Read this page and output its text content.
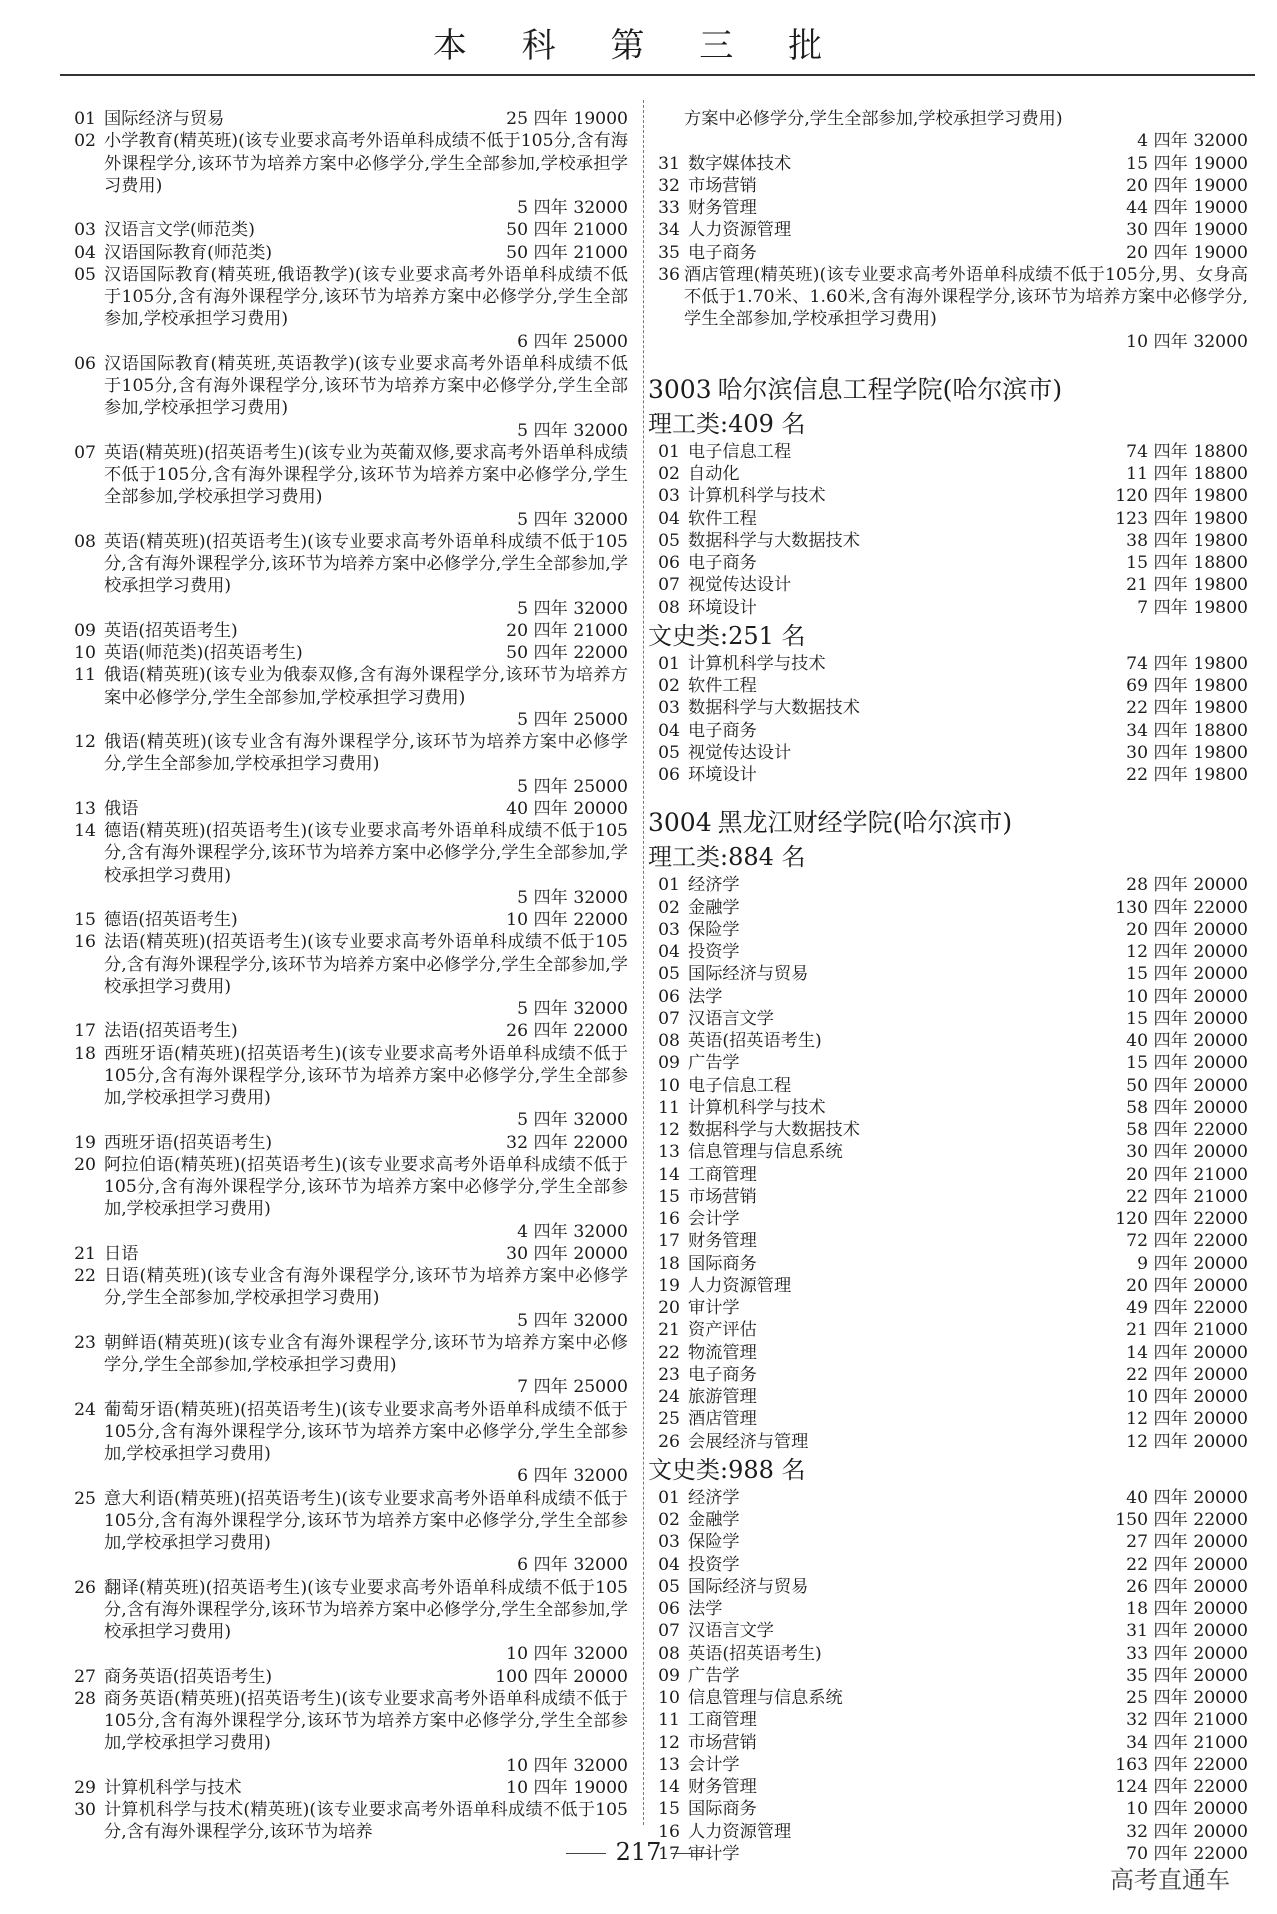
本 科 第 三 批
01 国际经济与贸易	25 四年 19000
02 小学教育(精英班)(该专业要求高考外语单科成绩不低于105分,含有海外课程学分,该环节为培养方案中必修学分,学生全部参加,学校承担学习费用)
5 四年 32000
03 汉语言文学(师范类)	50 四年 21000
04 汉语国际教育(师范类)	50 四年 21000
05 汉语国际教育(精英班,俄语教学)(该专业要求高考外语单科成绩不低于105分,含有海外课程学分,该环节为培养方案中必修学分,学生全部参加,学校承担学习费用)
6 四年 25000
06 汉语国际教育(精英班,英语教学)(该专业要求高考外语单科成绩不低于105分,含有海外课程学分,该环节为培养方案中必修学分,学生全部参加,学校承担学习费用)
5 四年 32000
07 英语(精英班)(招英语考生)(该专业为英葡双修,要求高考外语单科成绩不低于105分,含有海外课程学分,该环节为培养方案中必修学分,学生全部参加,学校承担学习费用)
5 四年 32000
08 英语(精英班)(招英语考生)(该专业要求高考外语单科成绩不低于105分,含有海外课程学分,该环节为培养方案中必修学分,学生全部参加,学校承担学习费用)
5 四年 32000
09 英语(招英语考生)	20 四年 21000
10 英语(师范类)(招英语考生)	50 四年 22000
11 俄语(精英班)(该专业为俄泰双修,含有海外课程学分,该环节为培养方案中必修学分,学生全部参加,学校承担学习费用)
5 四年 25000
12 俄语(精英班)(该专业含有海外课程学分,该环节为培养方案中必修学分,学生全部参加,学校承担学习费用)
5 四年 25000
13 俄语	40 四年 20000
14 德语(精英班)(招英语考生)(该专业要求高考外语单科成绩不低于105分,含有海外课程学分,该环节为培养方案中必修学分,学生全部参加,学校承担学习费用)
5 四年 32000
15 德语(招英语考生)	10 四年 22000
16 法语(精英班)(招英语考生)(该专业要求高考外语单科成绩不低于105分,含有海外课程学分,该环节为培养方案中必修学分,学生全部参加,学校承担学习费用)
5 四年 32000
17 法语(招英语考生)	26 四年 22000
18 西班牙语(精英班)(招英语考生)(该专业要求高考外语单科成绩不低于105分,含有海外课程学分,该环节为培养方案中必修学分,学生全部参加,学校承担学习费用)
5 四年 32000
19 西班牙语(招英语考生)	32 四年 22000
20 阿拉伯语(精英班)(招英语考生)(该专业要求高考外语单科成绩不低于105分,含有海外课程学分,该环节为培养方案中必修学分,学生全部参加,学校承担学习费用)
4 四年 32000
21 日语	30 四年 20000
22 日语(精英班)(该专业含有海外课程学分,该环节为培养方案中必修学分,学生全部参加,学校承担学习费用)
5 四年 32000
23 朝鲜语(精英班)(该专业含有海外课程学分,该环节为培养方案中必修学分,学生全部参加,学校承担学习费用)
7 四年 25000
24 葡萄牙语(精英班)(招英语考生)(该专业要求高考外语单科成绩不低于105分,含有海外课程学分,该环节为培养方案中必修学分,学生全部参加,学校承担学习费用)
6 四年 32000
25 意大利语(精英班)(招英语考生)(该专业要求高考外语单科成绩不低于105分,含有海外课程学分,该环节为培养方案中必修学分,学生全部参加,学校承担学习费用)
6 四年 32000
26 翻译(精英班)(招英语考生)(该专业要求高考外语单科成绩不低于105分,含有海外课程学分,该环节为培养方案中必修学分,学生全部参加,学校承担学习费用)
10 四年 32000
27 商务英语(招英语考生)	100 四年 20000
28 商务英语(精英班)(招英语考生)(该专业要求高考外语单科成绩不低于105分,含有海外课程学分,该环节为培养方案中必修学分,学生全部参加,学校承担学习费用)
10 四年 32000
29 计算机科学与技术	10 四年 19000
30 计算机科学与技术(精英班)(该专业要求高考外语单科成绩不低于105分,含有海外课程学分,该环节为培养
方案中必修学分,学生全部参加,学校承担学习费用)
4 四年 32000
31 数字媒体技术	15 四年 19000
32 市场营销	20 四年 19000
33 财务管理	44 四年 19000
34 人力资源管理	30 四年 19000
35 电子商务	20 四年 19000
36 酒店管理(精英班)(该专业要求高考外语单科成绩不低于105分,男、女身高不低于1.70米、1.60米,含有海外课程学分,该环节为培养方案中必修学分,学生全部参加,学校承担学习费用)
10 四年 32000
3003 哈尔滨信息工程学院(哈尔滨市)
理工类:409 名
01 电子信息工程	74 四年 18800
02 自动化	11 四年 18800
03 计算机科学与技术	120 四年 19800
04 软件工程	123 四年 19800
05 数据科学与大数据技术	38 四年 19800
06 电子商务	15 四年 18800
07 视觉传达设计	21 四年 19800
08 环境设计	7 四年 19800
文史类:251 名
01 计算机科学与技术	74 四年 19800
02 软件工程	69 四年 19800
03 数据科学与大数据技术	22 四年 19800
04 电子商务	34 四年 18800
05 视觉传达设计	30 四年 19800
06 环境设计	22 四年 19800
3004 黑龙江财经学院(哈尔滨市)
理工类:884 名
01 经济学	28 四年 20000
02 金融学	130 四年 22000
03 保险学	20 四年 20000
04 投资学	12 四年 20000
05 国际经济与贸易	15 四年 20000
06 法学	10 四年 20000
07 汉语言文学	15 四年 20000
08 英语(招英语考生)	40 四年 20000
09 广告学	15 四年 20000
10 电子信息工程	50 四年 20000
11 计算机科学与技术	58 四年 20000
12 数据科学与大数据技术	58 四年 22000
13 信息管理与信息系统	30 四年 20000
14 工商管理	20 四年 21000
15 市场营销	22 四年 21000
16 会计学	120 四年 22000
17 财务管理	72 四年 22000
18 国际商务	9 四年 20000
19 人力资源管理	20 四年 20000
20 审计学	49 四年 22000
21 资产评估	21 四年 21000
22 物流管理	14 四年 20000
23 电子商务	22 四年 20000
24 旅游管理	10 四年 20000
25 酒店管理	12 四年 20000
26 会展经济与管理	12 四年 20000
文史类:988 名
01 经济学	40 四年 20000
02 金融学	150 四年 22000
03 保险学	27 四年 20000
04 投资学	22 四年 20000
05 国际经济与贸易	26 四年 20000
06 法学	18 四年 20000
07 汉语言文学	31 四年 20000
08 英语(招英语考生)	33 四年 20000
09 广告学	35 四年 20000
10 信息管理与信息系统	25 四年 20000
11 工商管理	32 四年 21000
12 市场营销	34 四年 21000
13 会计学	163 四年 22000
14 财务管理	124 四年 22000
15 国际商务	10 四年 20000
16 人力资源管理	32 四年 20000
17 审计学	70 四年 22000
217
高考直通车
